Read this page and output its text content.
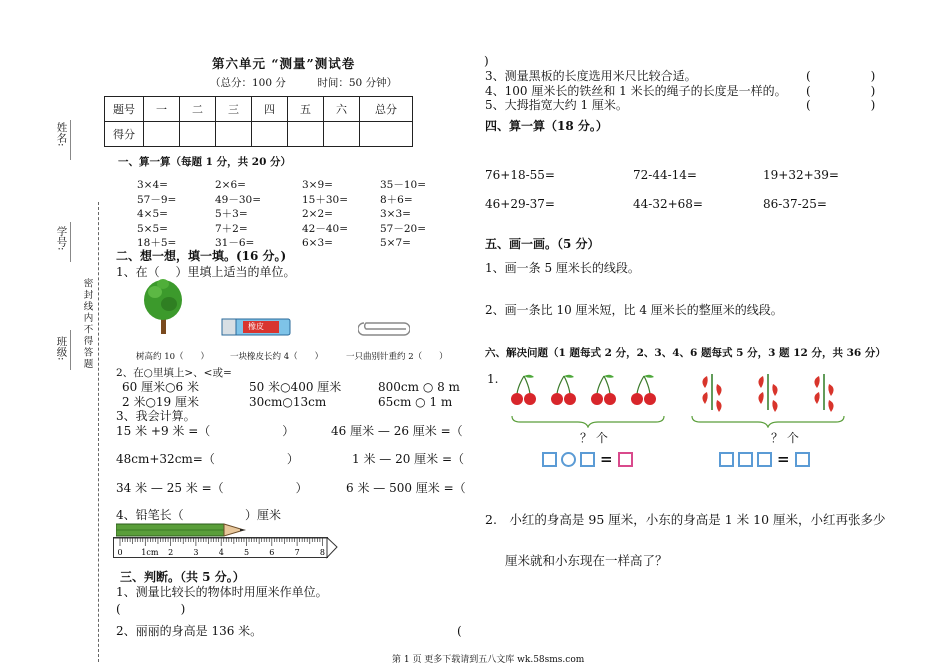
姓名:
学号:
班级: 密封线内不得答题
第六单元 “测量”测试卷
（总分：100 分　　　时间：50 分钟）
题号	一	二	三	四	五	六	总分
得分							
一、算一算（每题 1 分，共 20 分）
3×4=	2×6=	3×9=	35－10=
57－9=	49－30=	15＋30=	8＋6=
4×5=	5＋3=	2×2=	3×3=
5×5=	7＋2=	42－40=	57－20=
18＋5=	31－6=	6×3=	5×7=
二、想一想，填一填。(16 分。)
1、在（　 ）里填上适当的单位。
橡皮
树高约 10（　　） 一块橡皮长约 4（　　）	一只曲别针重约 2（　　）
2、在○里填上>、<或=
60 厘米○6 米	50 米○400 厘米	800cm ○ 8 m
2 米○19 厘米	30cm○13cm	65cm ○ 1 m
3、我会计算。
15 米 +9 米 =（　　　　　　）	46 厘米 — 26 厘米 =（
48cm+32cm=（　　　　　　）	1 米 — 20 厘米 =（
34 米 — 25 米 =（　　　　　　）	6 米 — 500 厘米 =（
4、铅笔长（	）厘米
0 1cm 2	3	4	5	6	7	8
三、判断。（共 5 分。）
1、测量比较长的物体时用厘米作单位。
(　　　　　)
2、丽丽的身高是 136 米。	(
)
3、测量黑板的长度选用米尺比较合适。	(　　　　　)
4、100 厘米长的铁丝和 1 米长的绳子的长度是一样的。 (　　　　　)
5、大拇指宽大约 1 厘米。	(　　　　　)
四、算一算（18 分。）
76+18-55=	72-44-14=	19+32+39=
46+29-37=	44-32+68=	86-37-25=
五、画一画。（5 分）
1、画一条 5 厘米长的线段。
2、画一条比 10 厘米短，比 4 厘米长的整厘米的线段。
六、解决问题（1 题每式 2 分，2、3、4、6 题每式 5 分，3 题 12 分，共 36 分）
1.
？ 个	？ 个
=	=
2.　小红的身高是 95 厘米，小东的身高是 1 米 10 厘米，小红再张多少
厘米就和小东现在一样高了？
第 1 页 更多下载请到五八文库 wk.58sms.com
